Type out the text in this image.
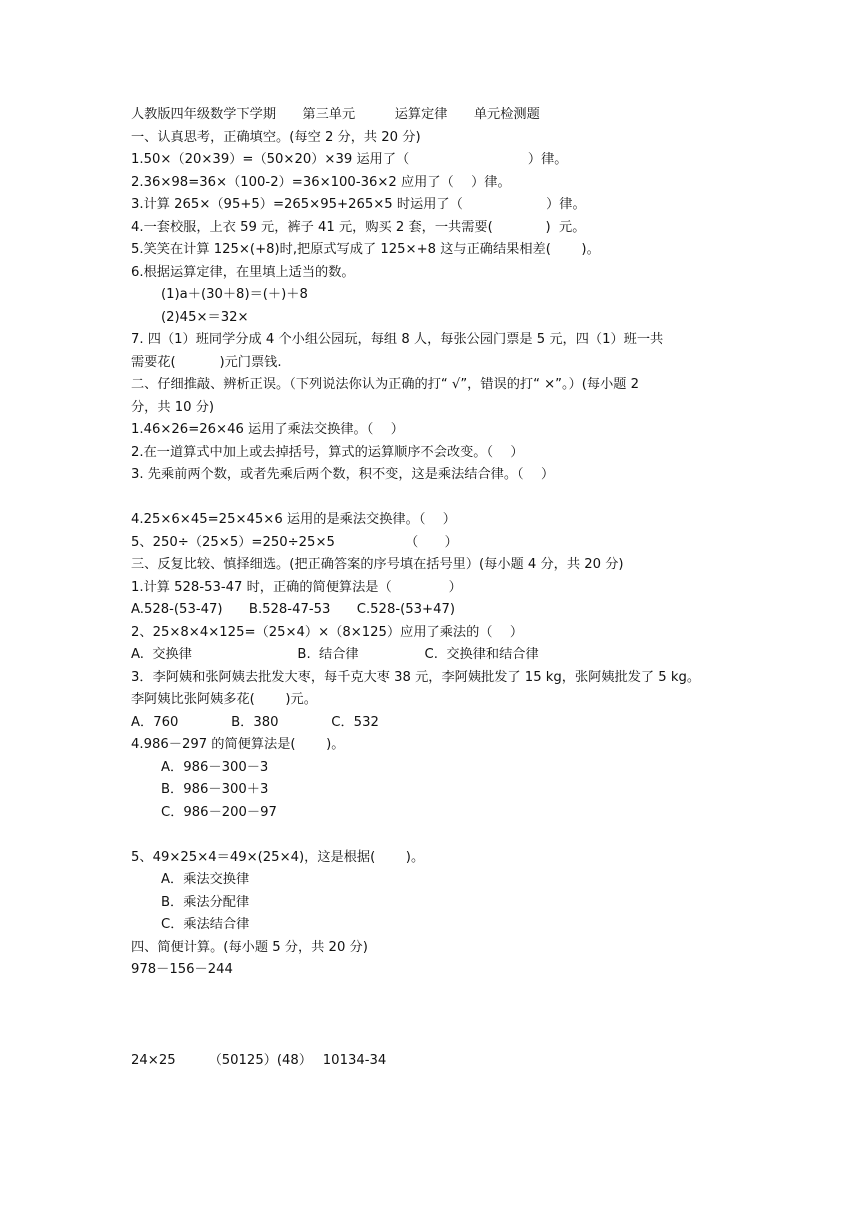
人教版四年级数学下学期　　第三单元　　　运算定律　　单元检测题
一、认真思考，正确填空。(每空 2 分，共 20 分)
1.50×（20×39）=（50×20）×39 运用了（　　　　　　　　　）律。
2.36×98=36×（100-2）=36×100-36×2 应用了（　 ）律。
3.计算 265×（95+5）=265×95+265×5 时运用了（　　　　　　 ）律。
4.一套校服，上衣 59 元，裤子 41 元，购买 2 套，一共需要(　　　　)  元。
5.笑笑在计算 125×(+8)时,把原式写成了 125×+8 这与正确结果相差(　　 )。
6.根据运算定律，在里填上适当的数。
(1)a＋(30＋8)＝(＋)＋8
(2)45×＝32×
7. 四（1）班同学分成 4 个小组公园玩，每组 8 人，每张公园门票是 5 元，四（1）班一共
需要花(　　　 )元门票钱.
二、仔细推敲、辨析正误。（下列说法你认为正确的打“ √”，错误的打“ ×”。）(每小题 2
分，共 10 分)
1.46×26=26×46 运用了乘法交换律。（　 ）
2.在一道算式中加上或去掉括号，算式的运算顺序不会改变。（　 ）
3. 先乘前两个数，或者先乘后两个数，积不变，这是乘法结合律。（　 ）
4.25×6×45=25×45×6 运用的是乘法交换律。（　 ）
5、250÷（25×5）=250÷25×5　　　　　 （　　）
三、反复比较、慎择细选。(把正确答案的序号填在括号里）(每小题 4 分，共 20 分)
1.计算 528-53-47 时，正确的简便算法是（　　　　 ）
A.528-(53-47)　　B.528-47-53　　C.528-(53+47)
2、25×8×4×125=（25×4）×（8×125）应用了乘法的（　 ）
A.  交换律　　　　　　　　B.  结合律　　　　　C.  交换律和结合律
3．李阿姨和张阿姨去批发大枣，每千克大枣 38 元，李阿姨批发了 15 kg，张阿姨批发了 5 kg。
李阿姨比张阿姨多花(　　 )元。
A．760　　　　B．380　　　　C．532
4.986－297 的简便算法是(　　 )。
A．986－300－3
B．986－300＋3
C．986－200－97
5、49×25×4＝49×(25×4)，这是根据(　　 )。
A．乘法交换律
B．乘法分配律
C．乘法结合律
四、简便计算。(每小题 5 分，共 20 分)
978－156－244
24×25　　　（50125）(48）　 10134-34
